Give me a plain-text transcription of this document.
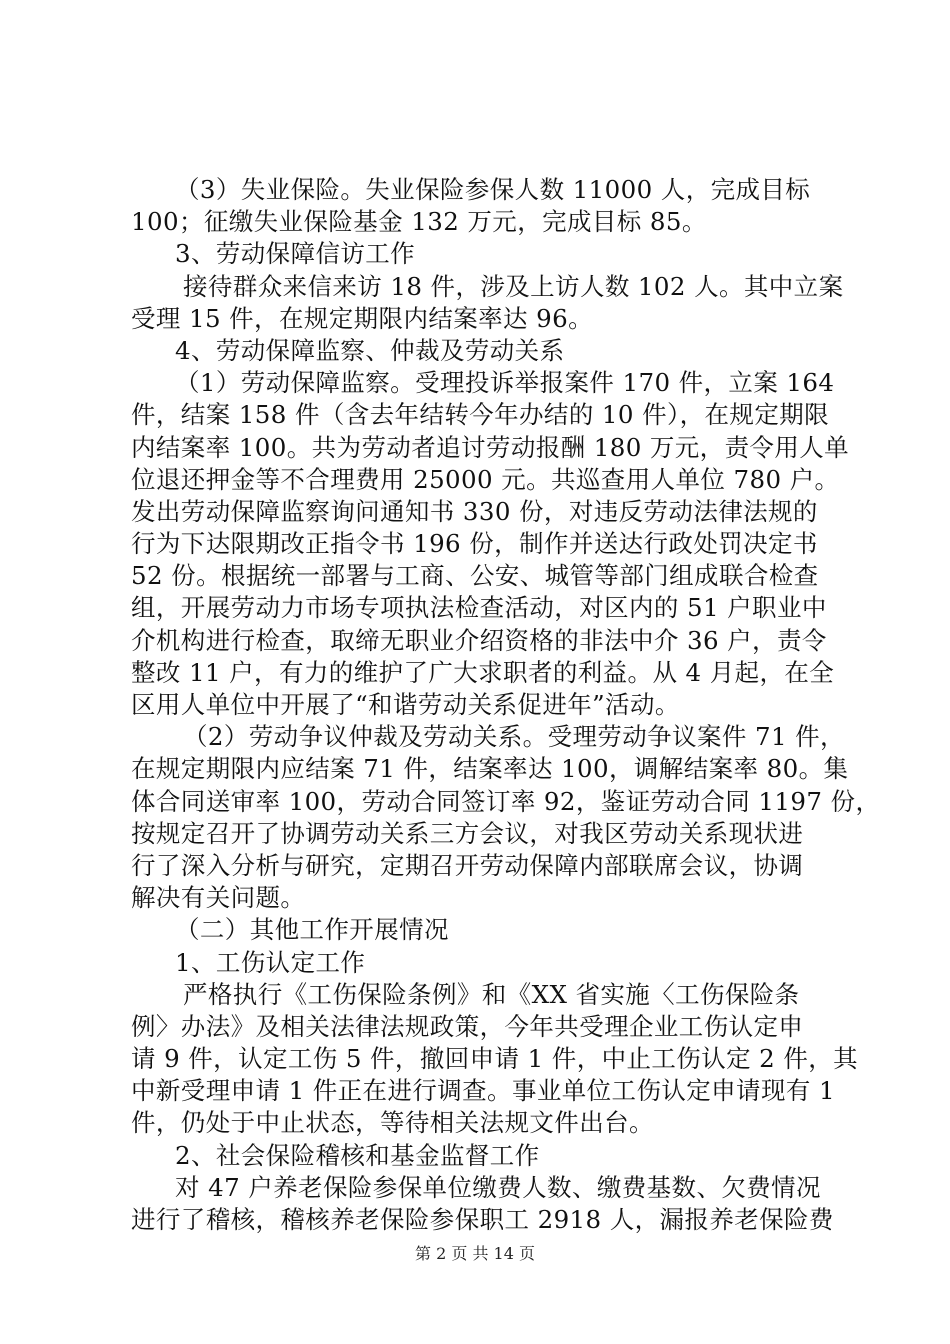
（3）失业保险。失业保险参保人数 11000 人，完成目标
100；征缴失业保险基金 132 万元，完成目标 85。
3、劳动保障信访工作
接待群众来信来访 18 件，涉及上访人数 102 人。其中立案
受理 15 件，在规定期限内结案率达 96。
4、劳动保障监察、仲裁及劳动关系
（1）劳动保障监察。受理投诉举报案件 170 件，立案 164
件，结案 158 件（含去年结转今年办结的 10 件），在规定期限
内结案率 100。共为劳动者追讨劳动报酬 180 万元，责令用人单
位退还押金等不合理费用 25000 元。共巡查用人单位 780 户。
发出劳动保障监察询问通知书 330 份，对违反劳动法律法规的
行为下达限期改正指令书 196 份，制作并送达行政处罚决定书
52 份。根据统一部署与工商、公安、城管等部门组成联合检查
组，开展劳动力市场专项执法检查活动，对区内的 51 户职业中
介机构进行检查，取缔无职业介绍资格的非法中介 36 户，责令
整改 11 户，有力的维护了广大求职者的利益。从 4 月起，在全
区用人单位中开展了“和谐劳动关系促进年”活动。
（2）劳动争议仲裁及劳动关系。受理劳动争议案件 71 件，
在规定期限内应结案 71 件，结案率达 100，调解结案率 80。集
体合同送审率 100，劳动合同签订率 92，鉴证劳动合同 1197 份，
按规定召开了协调劳动关系三方会议，对我区劳动关系现状进
行了深入分析与研究，定期召开劳动保障内部联席会议，协调
解决有关问题。
（二）其他工作开展情况
1、工伤认定工作
严格执行《工伤保险条例》和《XX 省实施〈工伤保险条
例〉办法》及相关法律法规政策，今年共受理企业工伤认定申
请 9 件，认定工伤 5 件，撤回申请 1 件，中止工伤认定 2 件，其
中新受理申请 1 件正在进行调查。事业单位工伤认定申请现有 1
件，仍处于中止状态，等待相关法规文件出台。
2、社会保险稽核和基金监督工作
对 47 户养老保险参保单位缴费人数、缴费基数、欠费情况
进行了稽核，稽核养老保险参保职工 2918 人，漏报养老保险费
第 2 页 共 14 页
